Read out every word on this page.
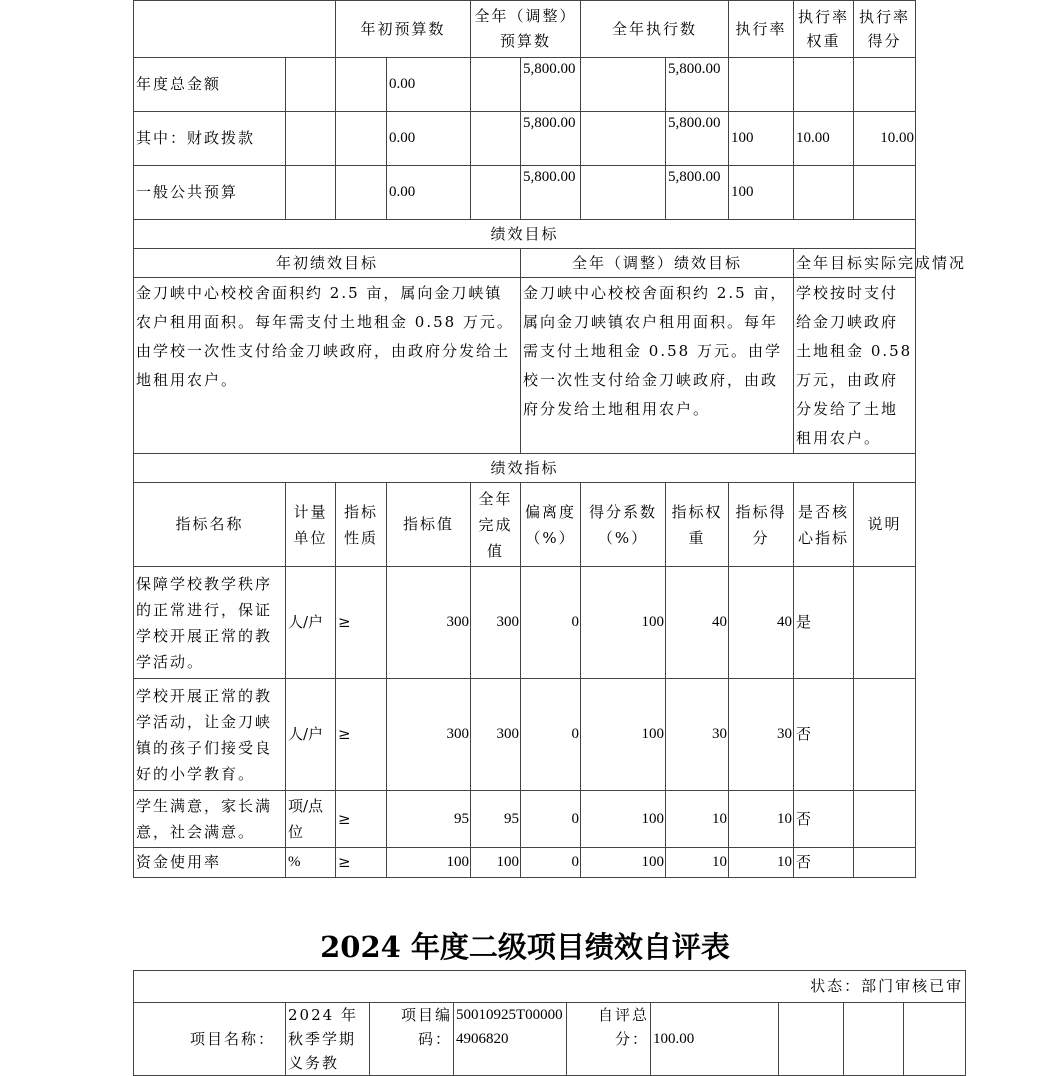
		年初预算数		全年（调整）预算数		全年执行数		执行率	执行率权重	执行率得分
年度总金额			0.00		5,800.00		5,800.00			
其中：财政拨款			0.00		5,800.00		5,800.00	100	10.00	10.00
一般公共预算			0.00		5,800.00		5,800.00	100		
绩效目标										
年初绩效目标					全年（调整）绩效目标				全年目标实际完成情况	
金刀峡中心校校舍面积约 2.5 亩，属向金刀峡镇农户租用面积。每年需支付土地租金 0.58 万元。由学校一次性支付给金刀峡政府，由政府分发给土地租用农户。					金刀峡中心校校舍面积约 2.5 亩，属向金刀峡镇农户租用面积。每年需支付土地租金 0.58 万元。由学校一次性支付给金刀峡政府，由政府分发给土地租用农户。				学校按时支付给金刀峡政府土地租金 0.58 万元，由政府分发给了土地租用农户。	
绩效指标										
指标名称	计量单位	指标性质	指标值	全年完成值	偏离度（%）	得分系数（%）	指标权重	指标得分	是否核心指标	说明
保障学校教学秩序的正常进行，保证学校开展正常的教学活动。	人/户	≥	300	300	0	100	40	40	是	
学校开展正常的教学活动，让金刀峡镇的孩子们接受良好的小学教育。	人/户	≥	300	300	0	100	30	30	否	
学生满意，家长满意，社会满意。	项/点位	≥	95	95	0	100	10	10	否	
资金使用率	%	≥	100	100	0	100	10	10	否	
2024 年度二级项目绩效自评表
状态：部门审核已审
项目名称：	2024 年秋季学期义务教	项目编码：	50010925T000004906820	自评总分：	100.00			
